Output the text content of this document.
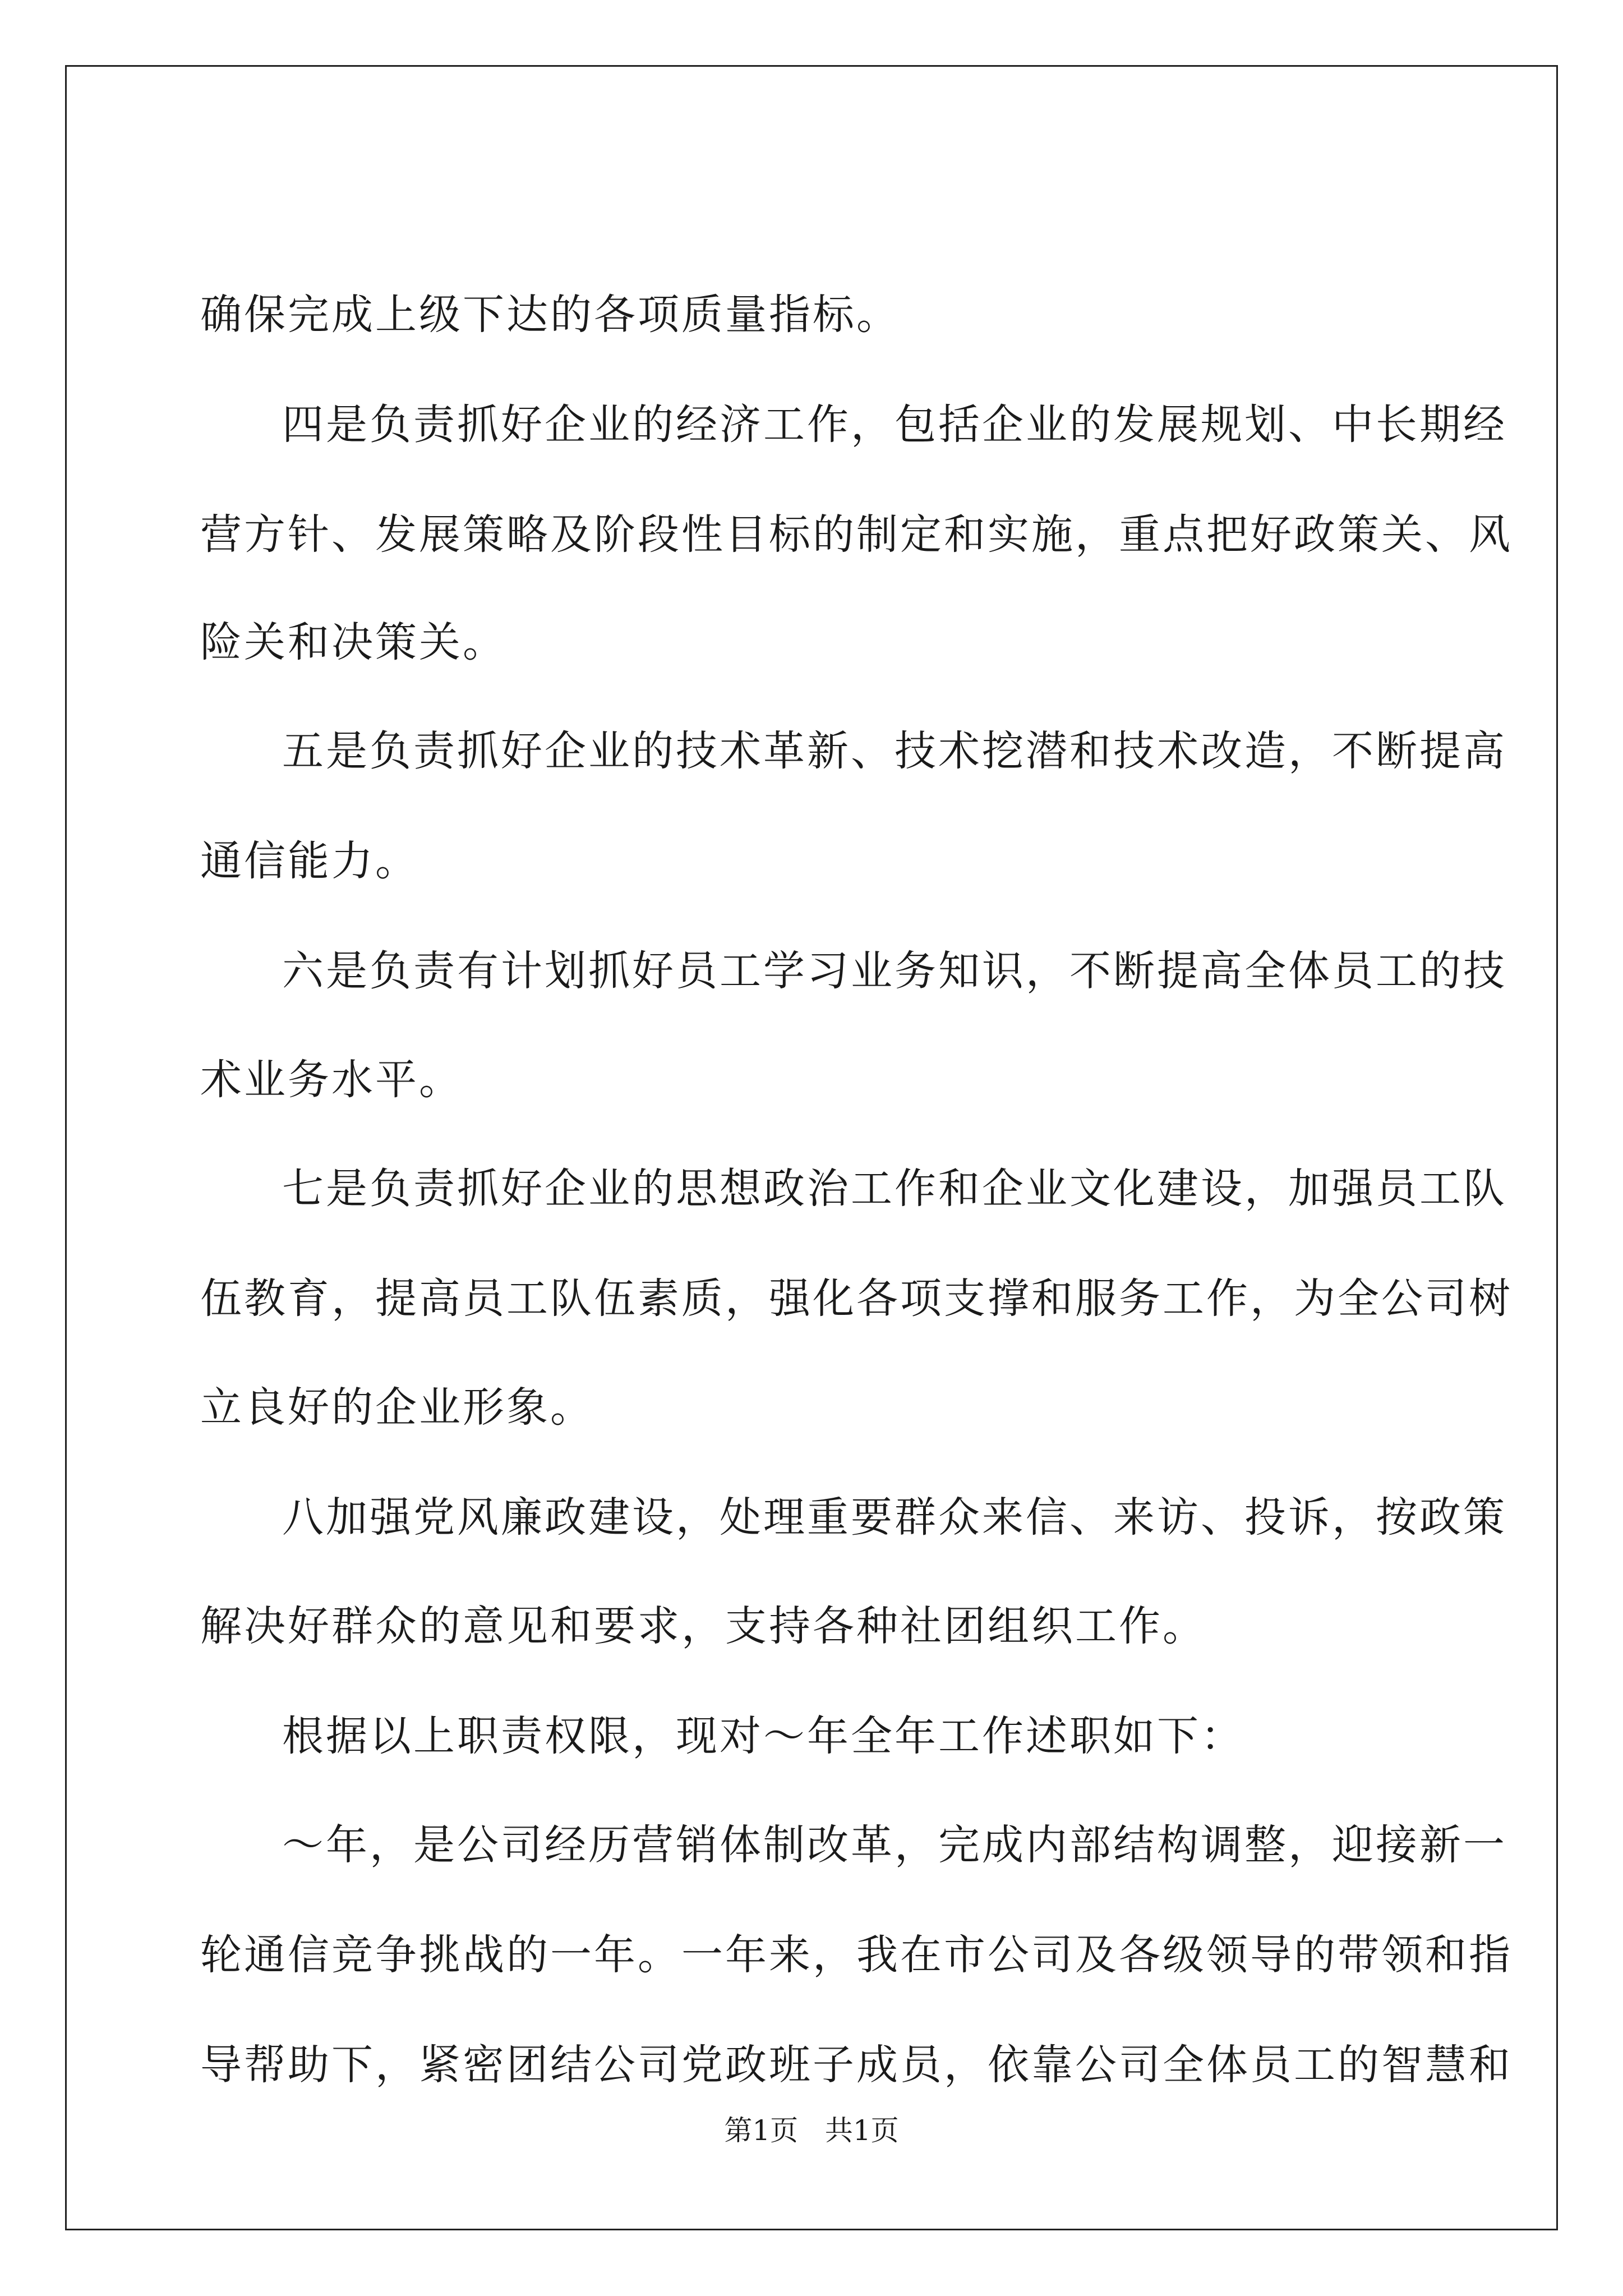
确保完成上级下达的各项质量指标。
四是负责抓好企业的经济工作，包括企业的发展规划、中长期经
营方针、发展策略及阶段性目标的制定和实施，重点把好政策关、风
险关和决策关。
五是负责抓好企业的技术革新、技术挖潜和技术改造，不断提高
通信能力。
六是负责有计划抓好员工学习业务知识，不断提高全体员工的技
术业务水平。
七是负责抓好企业的思想政治工作和企业文化建设，加强员工队
伍教育，提高员工队伍素质，强化各项支撑和服务工作，为全公司树
立良好的企业形象。
八加强党风廉政建设，处理重要群众来信、来访、投诉，按政策
解决好群众的意见和要求，支持各种社团组织工作。
根据以上职责权限，现对～年全年工作述职如下：
～年，是公司经历营销体制改革，完成内部结构调整，迎接新一
轮通信竞争挑战的一年。一年来，我在市公司及各级领导的带领和指
导帮助下，紧密团结公司党政班子成员，依靠公司全体员工的智慧和
第1页   共1页
